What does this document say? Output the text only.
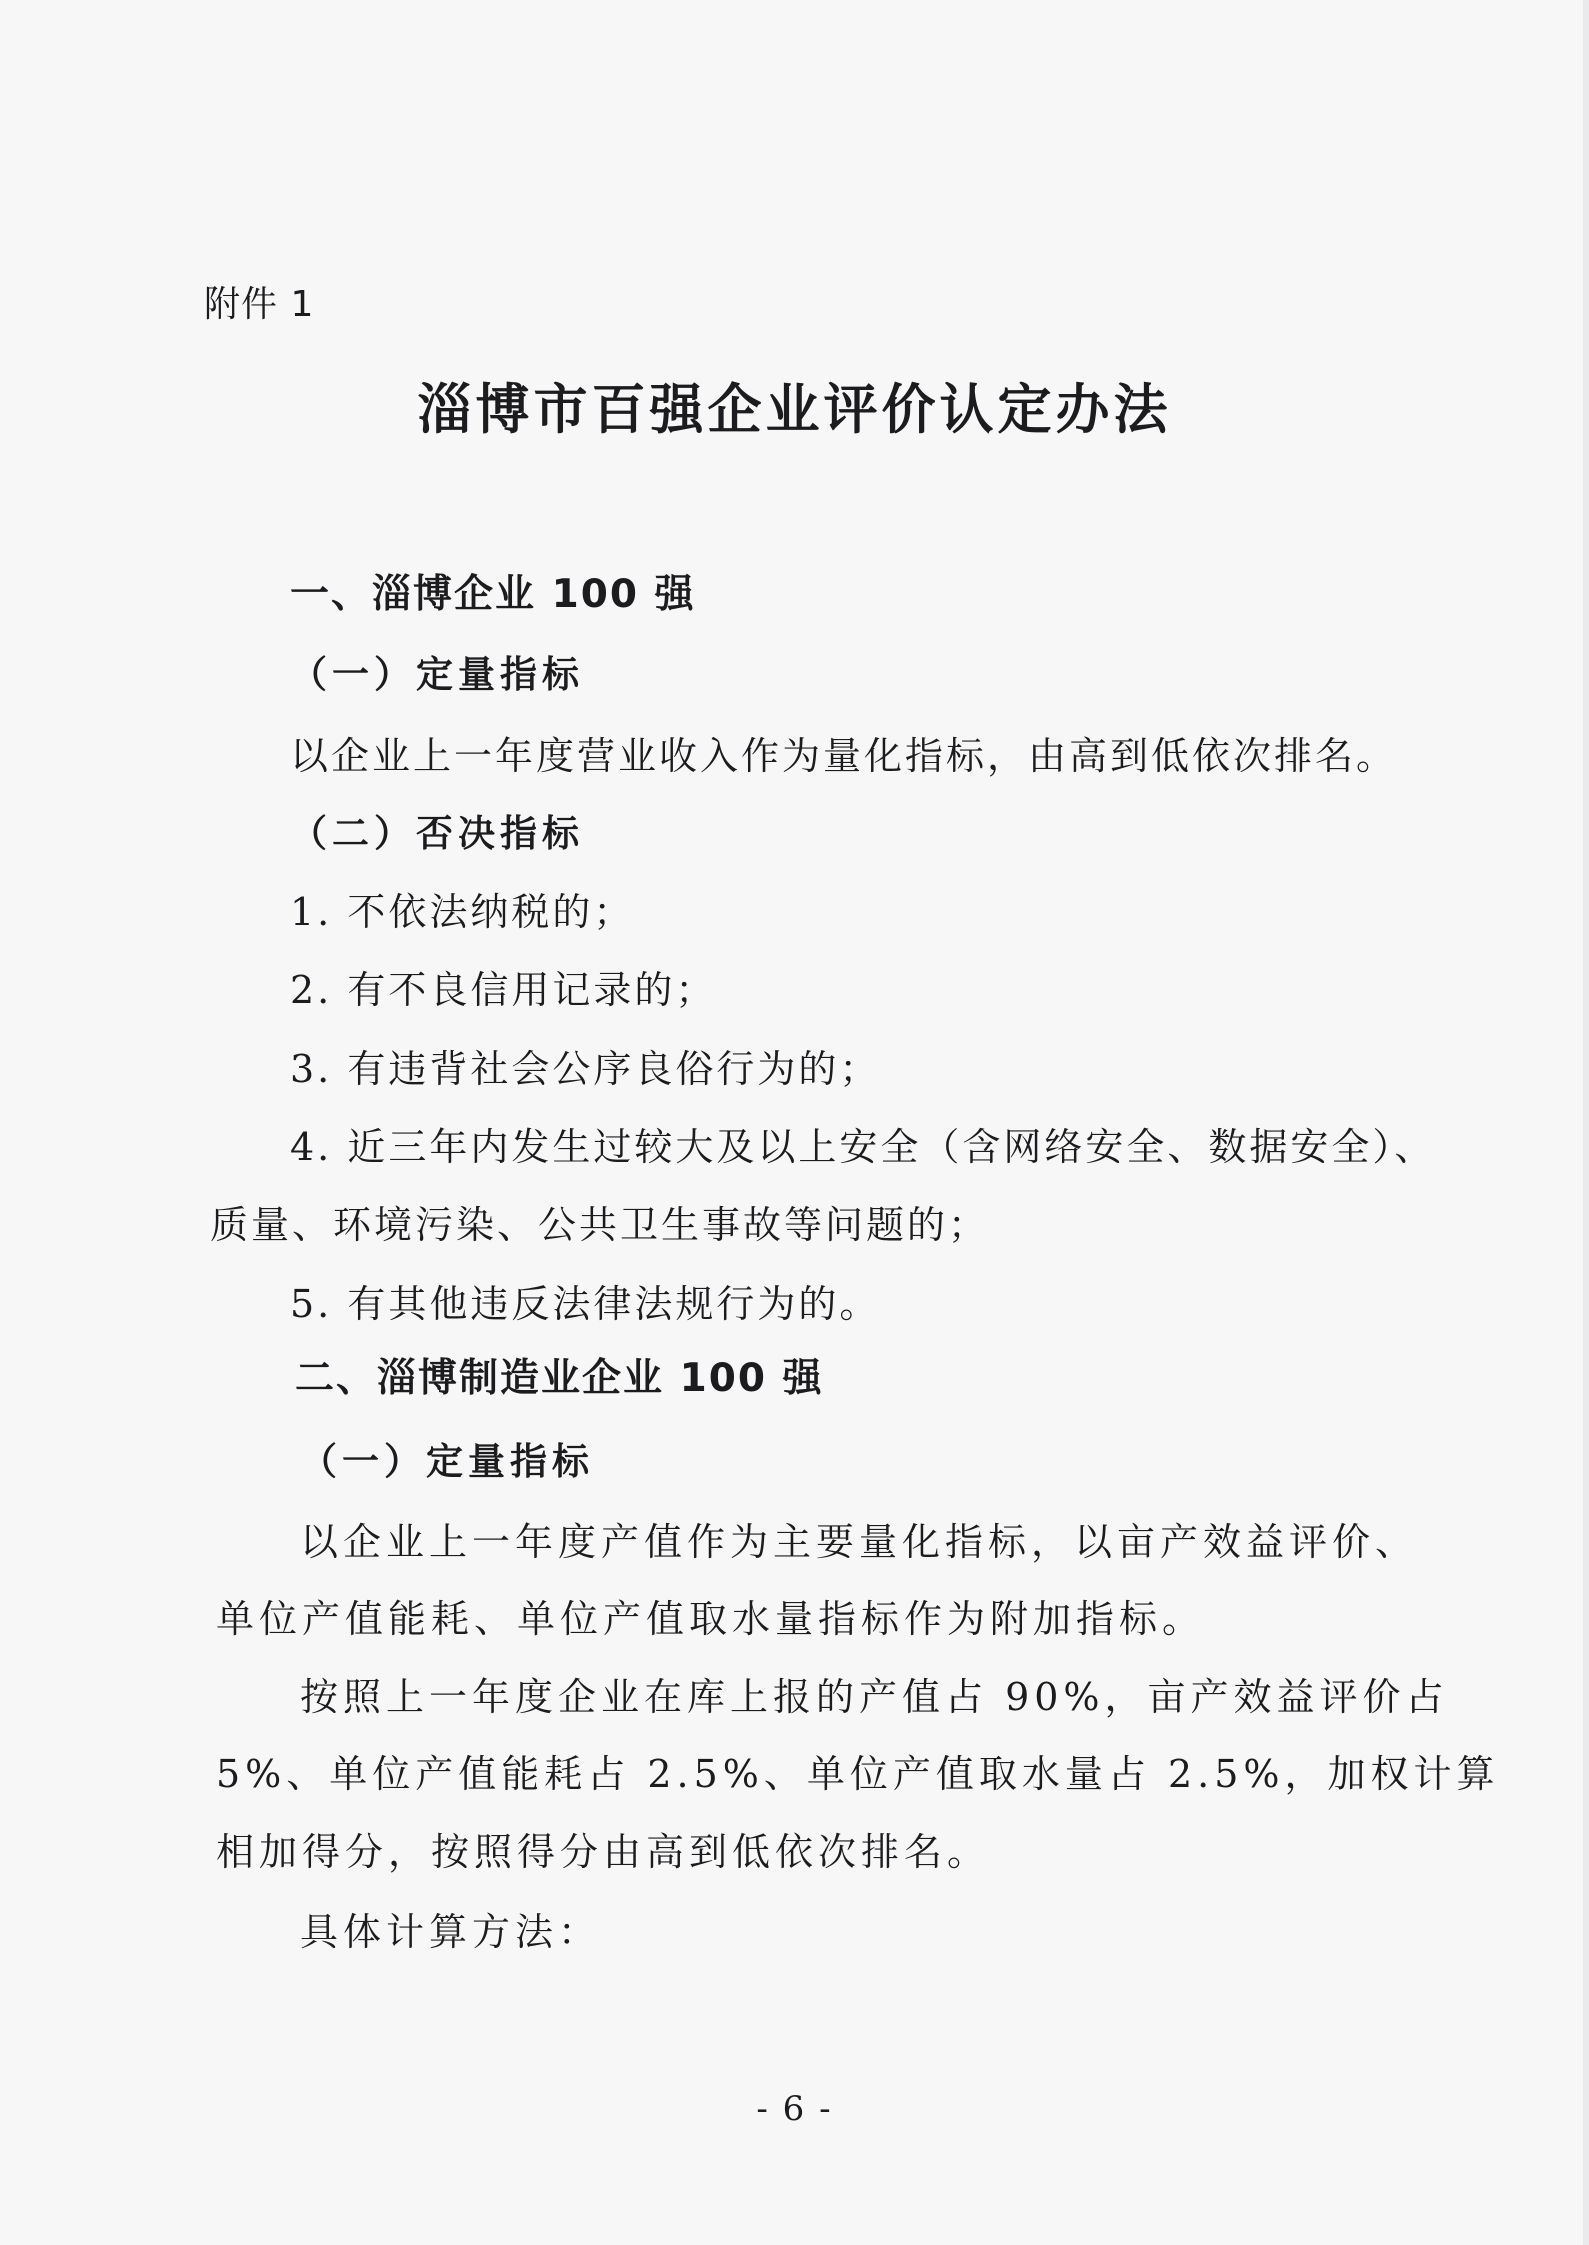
附件 1
淄博市百强企业评价认定办法
一、淄博企业 100 强
（一）定量指标
以企业上一年度营业收入作为量化指标，由高到低依次排名。
（二）否决指标
1. 不依法纳税的；
2. 有不良信用记录的；
3. 有违背社会公序良俗行为的；
4. 近三年内发生过较大及以上安全（含网络安全、数据安全）、
质量、环境污染、公共卫生事故等问题的；
5. 有其他违反法律法规行为的。
二、淄博制造业企业 100 强
（一）定量指标
以企业上一年度产值作为主要量化指标，以亩产效益评价、
单位产值能耗、单位产值取水量指标作为附加指标。
按照上一年度企业在库上报的产值占 90%，亩产效益评价占
5%、单位产值能耗占 2.5%、单位产值取水量占 2.5%，加权计算
相加得分，按照得分由高到低依次排名。
具体计算方法：
- 6 -
